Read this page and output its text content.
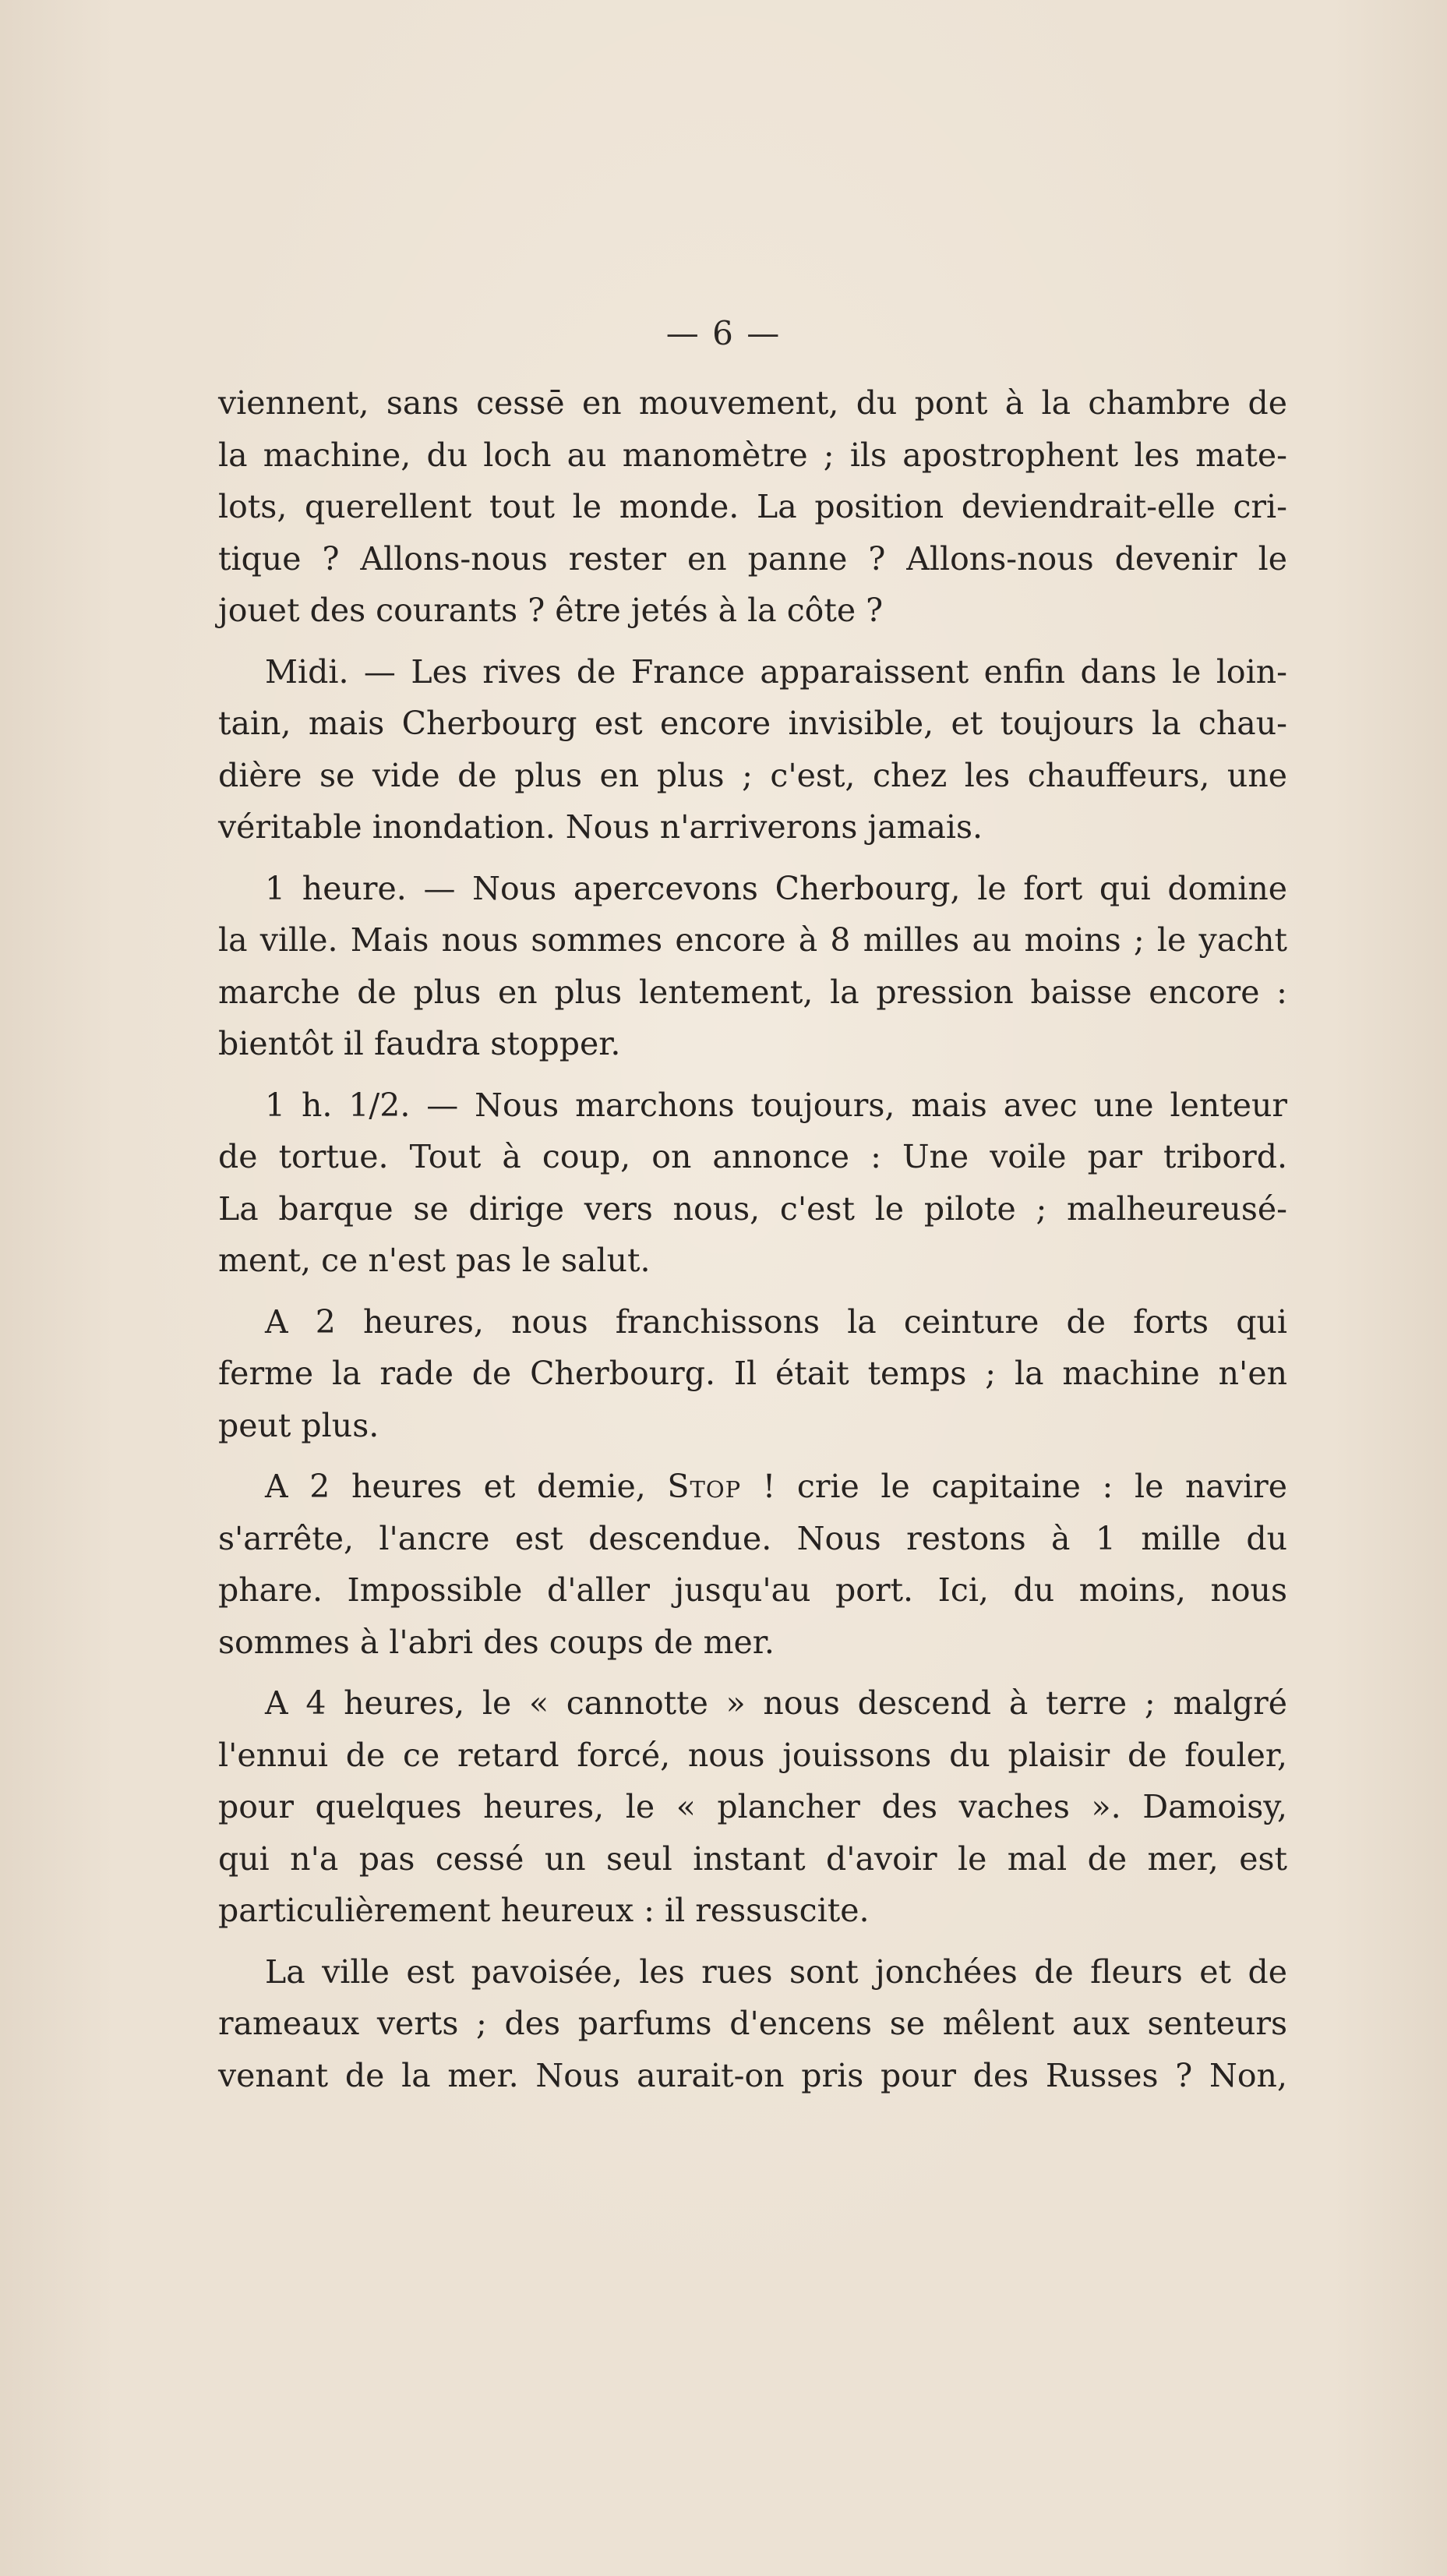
— 6 —

viennent, sans cessē en mouvement, du pont à la chambre de
la machine, du loch au manomètre ; ils apostrophent les mate-
lots, querellent tout le monde. La position deviendrait-elle cri-
tique ? Allons-nous rester en panne ? Allons-nous devenir le
jouet des courants ? être jetés à la côte ?

Midi. — Les rives de France apparaissent enfin dans le loin-
tain, mais Cherbourg est encore invisible, et toujours la chau-
dière se vide de plus en plus ; c'est, chez les chauffeurs, une
véritable inondation. Nous n'arriverons jamais.

1 heure. — Nous apercevons Cherbourg, le fort qui domine
la ville. Mais nous sommes encore à 8 milles au moins ; le yacht
marche de plus en plus lentement, la pression baisse encore :
bientôt il faudra stopper.

1 h. 1/2. — Nous marchons toujours, mais avec une lenteur
de tortue. Tout à coup, on annonce : Une voile par tribord.
La barque se dirige vers nous, c'est le pilote ; malheureusé-
ment, ce n'est pas le salut.

A 2 heures, nous franchissons la ceinture de forts qui
ferme la rade de Cherbourg. Il était temps ; la machine n'en
peut plus.

A 2 heures et demie, Stop ! crie le capitaine : le navire
s'arrête, l'ancre est descendue. Nous restons à 1 mille du
phare. Impossible d'aller jusqu'au port. Ici, du moins, nous
sommes à l'abri des coups de mer.

A 4 heures, le « cannotte » nous descend à terre ; malgré
l'ennui de ce retard forcé, nous jouissons du plaisir de fouler,
pour quelques heures, le « plancher des vaches ». Damoisy,
qui n'a pas cessé un seul instant d'avoir le mal de mer, est
particulièrement heureux : il ressuscite.

La ville est pavoisée, les rues sont jonchées de fleurs et de
rameaux verts ; des parfums d'encens se mêlent aux senteurs
venant de la mer. Nous aurait-on pris pour des Russes ? Non,
